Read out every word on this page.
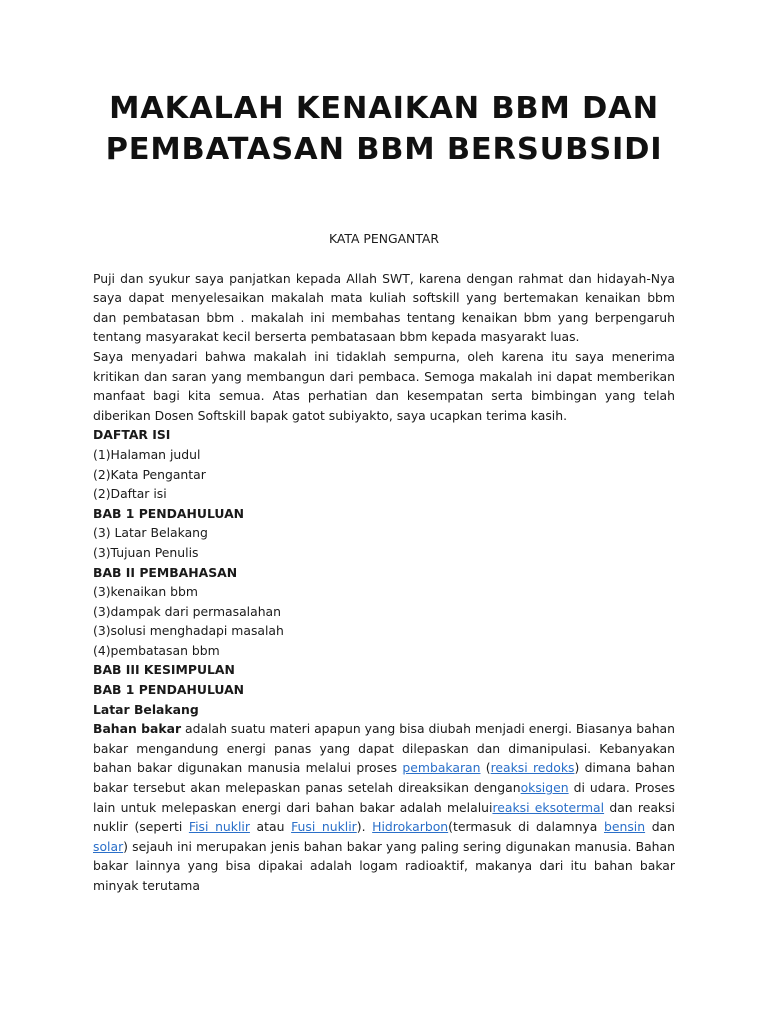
MAKALAH KENAIKAN BBM DAN
PEMBATASAN BBM BERSUBSIDI

KATA PENGANTAR

Puji dan syukur saya panjatkan kepada Allah SWT, karena dengan rahmat dan hidayah-Nya saya dapat menyelesaikan makalah mata kuliah softskill yang bertemakan kenaikan bbm dan pembatasan bbm . makalah ini membahas tentang kenaikan bbm yang berpengaruh tentang masyarakat kecil berserta pembatasaan bbm kepada masyarakt luas.

Saya menyadari bahwa makalah ini tidaklah sempurna, oleh karena itu saya menerima kritikan dan saran yang membangun dari pembaca. Semoga makalah ini dapat memberikan manfaat bagi kita semua. Atas perhatian dan kesempatan serta bimbingan yang telah diberikan Dosen Softskill bapak gatot subiyakto, saya ucapkan terima kasih.

DAFTAR ISI

(1)Halaman judul

(2)Kata Pengantar

(2)Daftar isi

BAB 1 PENDAHULUAN

(3) Latar Belakang

(3)Tujuan Penulis

BAB II PEMBAHASAN

(3)kenaikan bbm

(3)dampak dari permasalahan

(3)solusi menghadapi masalah

(4)pembatasan bbm

BAB III KESIMPULAN

BAB 1 PENDAHULUAN

Latar Belakang

Bahan bakar adalah suatu materi apapun yang bisa diubah menjadi energi. Biasanya bahan bakar mengandung energi panas yang dapat dilepaskan dan dimanipulasi. Kebanyakan bahan bakar digunakan manusia melalui proses pembakaran (reaksi redoks) dimana bahan bakar tersebut akan melepaskan panas setelah direaksikan denganoksigen di udara. Proses lain untuk melepaskan energi dari bahan bakar adalah melaluireaksi eksotermal dan reaksi nuklir (seperti Fisi nuklir atau Fusi nuklir). Hidrokarbon(termasuk di dalamnya bensin dan solar) sejauh ini merupakan jenis bahan bakar yang paling sering digunakan manusia. Bahan bakar lainnya yang bisa dipakai adalah logam radioaktif, makanya dari itu bahan bakar minyak terutama
